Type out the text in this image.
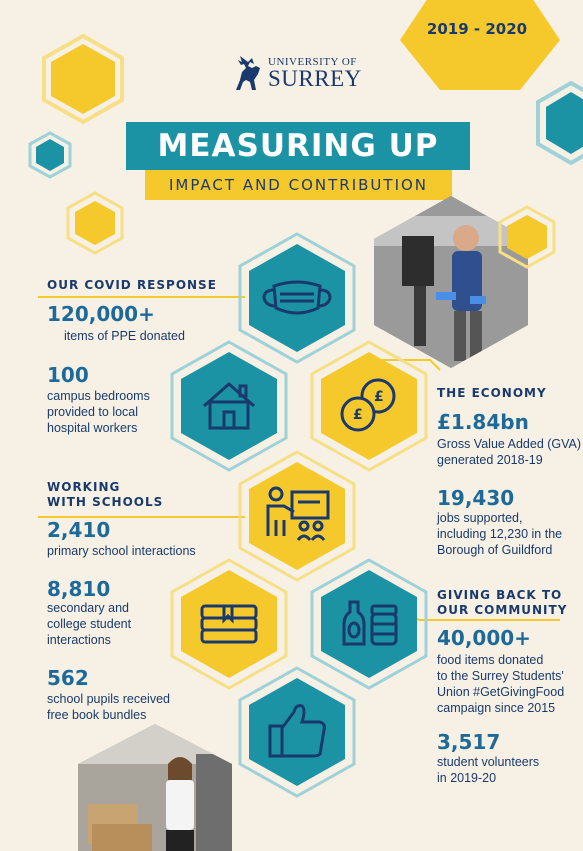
2019 - 2020
UNIVERSITY OF
SURREY
MEASURING UP
IMPACT AND CONTRIBUTION
£
£
OUR COVID RESPONSE
120,000+
items of PPE donated
100
campus bedrooms
provided to local
hospital workers
THE ECONOMY
£1.84bn
Gross Value Added (GVA)
generated 2018-19
19,430
jobs supported,
including 12,230 in the
Borough of Guildford
WORKING
WITH SCHOOLS
2,410
primary school interactions
8,810
secondary and
college student
interactions
562
school pupils received
free book bundles
GIVING BACK TO
OUR COMMUNITY
40,000+
food items donated
to the Surrey Students'
Union #GetGivingFood
campaign since 2015
3,517
student volunteers
in 2019-20
